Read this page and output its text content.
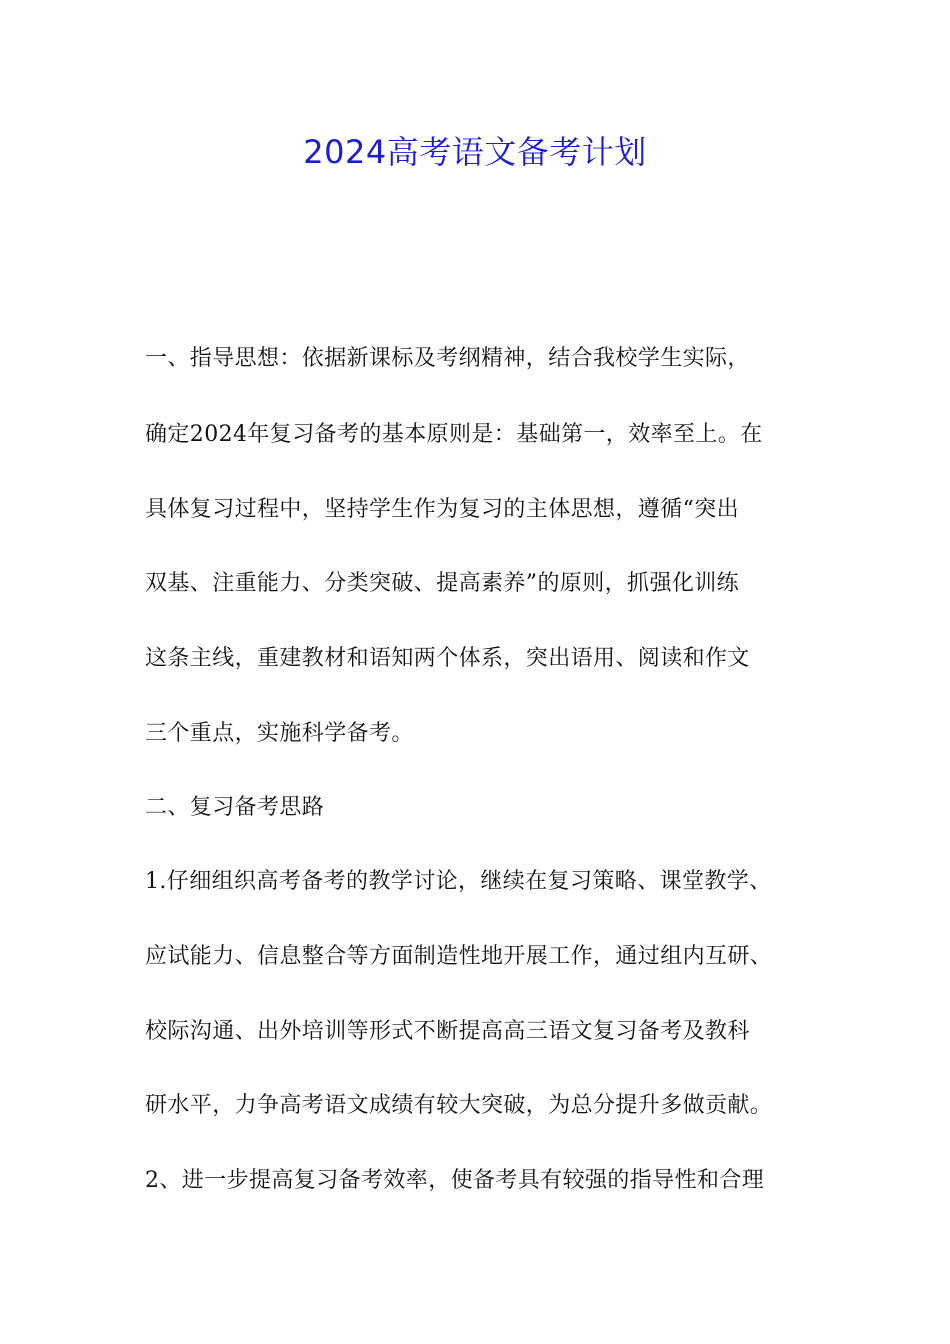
2024高考语文备考计划

一、指导思想：依据新课标及考纲精神，结合我校学生实际，

确定2024年复习备考的基本原则是：基础第一，效率至上。在

具体复习过程中，坚持学生作为复习的主体思想，遵循“突出

双基、注重能力、分类突破、提高素养”的原则，抓强化训练

这条主线，重建教材和语知两个体系，突出语用、阅读和作文

三个重点，实施科学备考。

二、复习备考思路

1.仔细组织高考备考的教学讨论，继续在复习策略、课堂教学、

应试能力、信息整合等方面制造性地开展工作，通过组内互研、

校际沟通、出外培训等形式不断提高高三语文复习备考及教科

研水平，力争高考语文成绩有较大突破，为总分提升多做贡献。

2、进一步提高复习备考效率，使备考具有较强的指导性和合理
